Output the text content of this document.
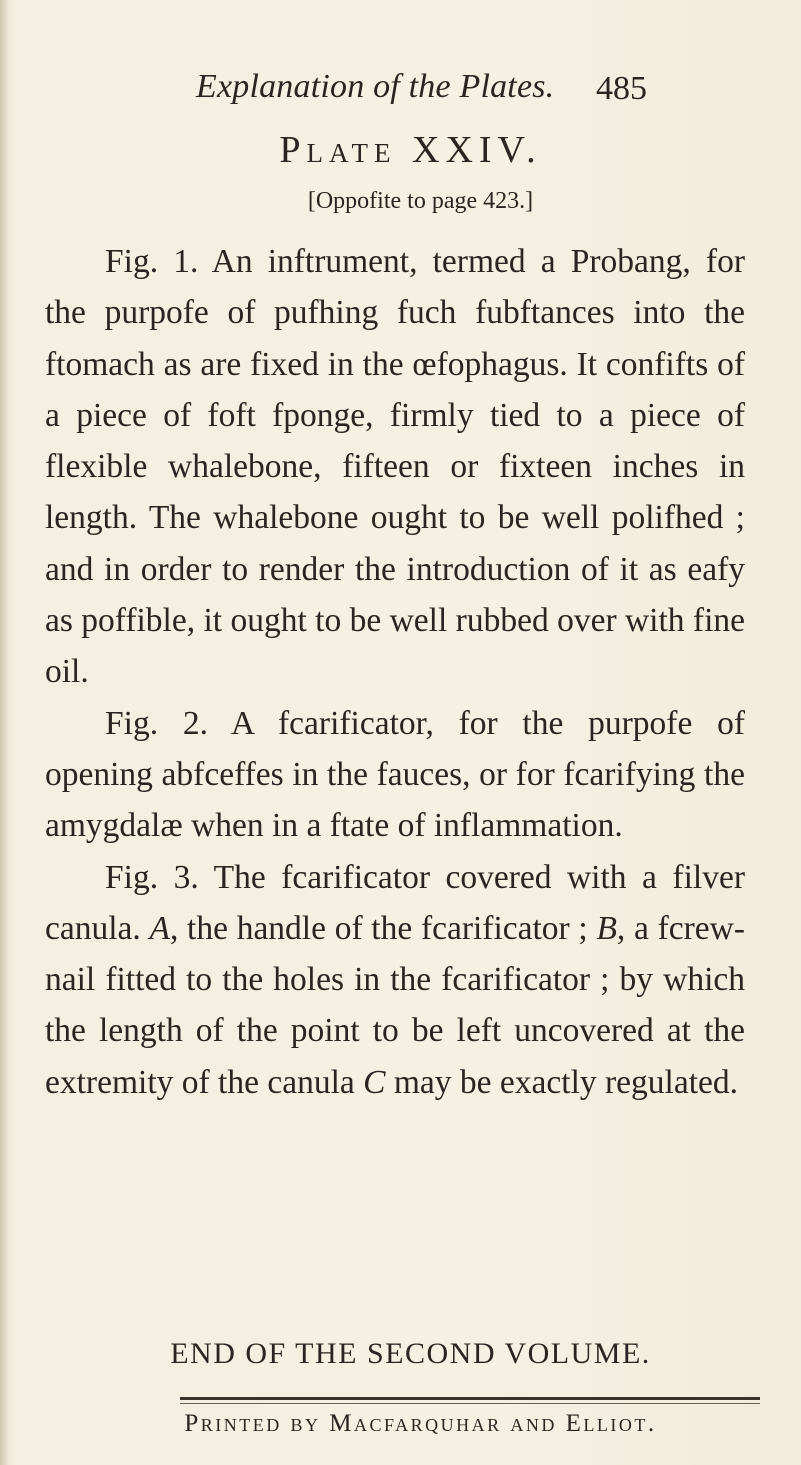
Explanation of the Plates. 485
Plate XXIV.
[Oppofite to page 423.]

Fig. 1. An inftrument, termed a Probang, for the purpofe of pufhing fuch fubftances into the ftomach as are fixed in the œfophagus. It confifts of a piece of foft fponge, firmly tied to a piece of flexible whalebone, fifteen or fixteen inches in length. The whalebone ought to be well polifhed ; and in order to render the introduction of it as eafy as poffible, it ought to be well rubbed over with fine oil.

Fig. 2. A fcarificator, for the purpofe of opening abfceffes in the fauces, or for fcarifying the amygdalæ when in a ftate of inflammation.

Fig. 3. The fcarificator covered with a filver canula. A, the handle of the fcarificator ; B, a fcrew-nail fitted to the holes in the fcarificator ; by which the length of the point to be left uncovered at the extremity of the canula C may be exactly regulated.

END OF THE SECOND VOLUME.
Printed by Macfarquhar and Elliot.
